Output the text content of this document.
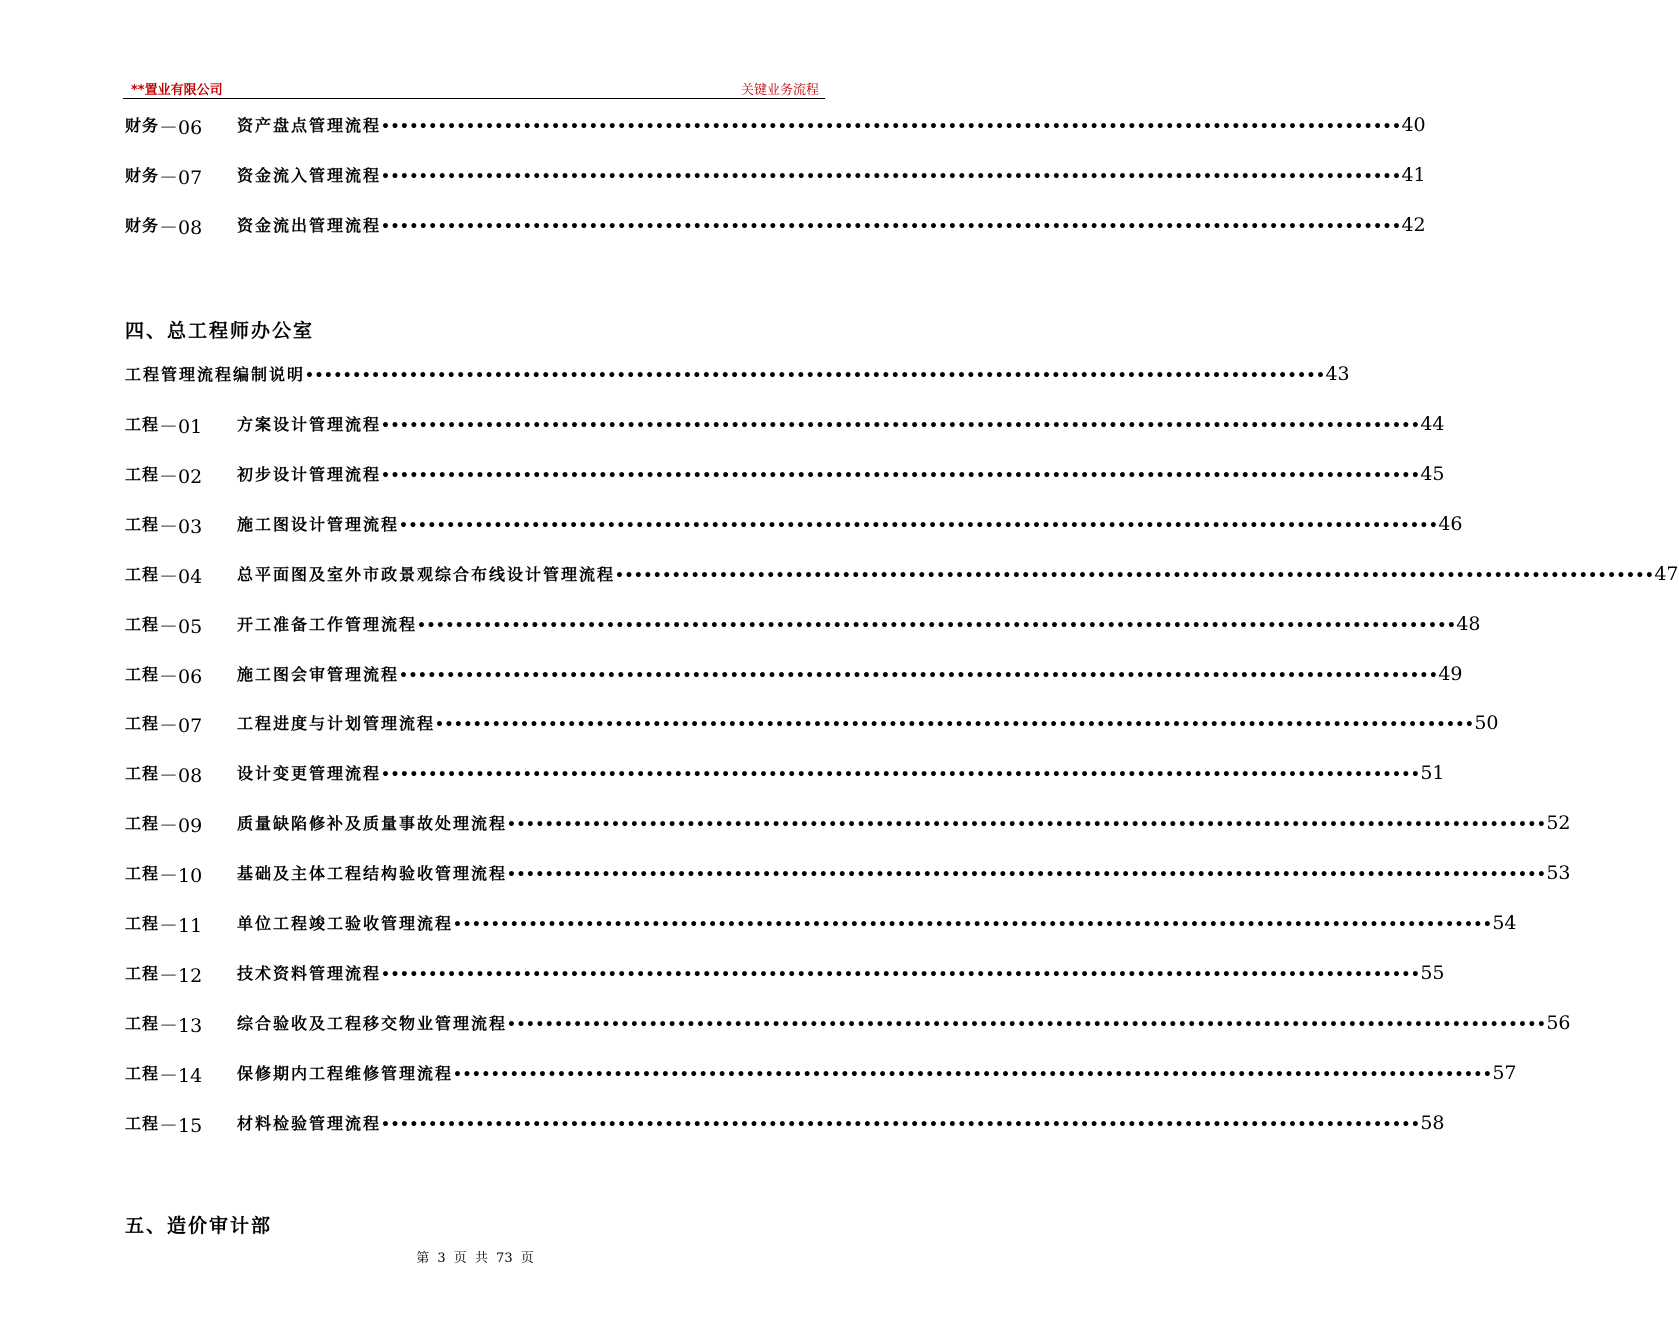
**置业有限公司	关键业务流程
财务 －06 资产盘点管理流程 •••••••••••••••••••••••••••••••••••••••••••••••••••••••••••••••••••••••••••••••••••••••••••••••••••••••••••• 40
财务 －07 资金流入管理流程 •••••••••••••••••••••••••••••••••••••••••••••••••••••••••••••••••••••••••••••••••••••••••••••••••••••••••••• 41
财务 －08 资金流出管理流程 •••••••••••••••••••••••••••••••••••••••••••••••••••••••••••••••••••••••••••••••••••••••••••••••••••••••••••• 42
四、总工程师办公室
工程管理流程编制说明 •••••••••••••••••••••••••••••••••••••••••••••••••••••••••••••••••••••••••••••••••••••••••••••••••••••••••••• 43
工程 －01 方案设计管理流程 •••••••••••••••••••••••••••••••••••••••••••••••••••••••••••••••••••••••••••••••••••••••••••••••••••••••••••••• 44
工程 －02 初步设计管理流程 •••••••••••••••••••••••••••••••••••••••••••••••••••••••••••••••••••••••••••••••••••••••••••••••••••••••••••••• 45
工程 －03 施工图设计管理流程 •••••••••••••••••••••••••••••••••••••••••••••••••••••••••••••••••••••••••••••••••••••••••••••••••••••••••••••• 46
工程 －04 总平面图及室外市政景观综合布线设计管理流程 •••••••••••••••••••••••••••••••••••••••••••••••••••••••••••••••••••••••••••••••••••••••••••••••••••••••••••••• 47
工程 －05 开工准备工作管理流程 •••••••••••••••••••••••••••••••••••••••••••••••••••••••••••••••••••••••••••••••••••••••••••••••••••••••••••••• 48
工程 －06 施工图会审管理流程 •••••••••••••••••••••••••••••••••••••••••••••••••••••••••••••••••••••••••••••••••••••••••••••••••••••••••••••• 49
工程 －07 工程进度与计划管理流程 •••••••••••••••••••••••••••••••••••••••••••••••••••••••••••••••••••••••••••••••••••••••••••••••••••••••••••••• 50
工程 －08 设计变更管理流程 •••••••••••••••••••••••••••••••••••••••••••••••••••••••••••••••••••••••••••••••••••••••••••••••••••••••••••••• 51
工程 －09 质量缺陷修补及质量事故处理流程 •••••••••••••••••••••••••••••••••••••••••••••••••••••••••••••••••••••••••••••••••••••••••••••••••••••••••••••• 52
工程 －10 基础及主体工程结构验收管理流程 •••••••••••••••••••••••••••••••••••••••••••••••••••••••••••••••••••••••••••••••••••••••••••••••••••••••••••••• 53
工程 －11 单位工程竣工验收管理流程 •••••••••••••••••••••••••••••••••••••••••••••••••••••••••••••••••••••••••••••••••••••••••••••••••••••••••••••• 54
工程 －12 技术资料管理流程 •••••••••••••••••••••••••••••••••••••••••••••••••••••••••••••••••••••••••••••••••••••••••••••••••••••••••••••• 55
工程 －13 综合验收及工程移交物业管理流程 •••••••••••••••••••••••••••••••••••••••••••••••••••••••••••••••••••••••••••••••••••••••••••••••••••••••••••••• 56
工程 －14 保修期内工程维修管理流程 •••••••••••••••••••••••••••••••••••••••••••••••••••••••••••••••••••••••••••••••••••••••••••••••••••••••••••••• 57
工程 －15 材料检验管理流程 •••••••••••••••••••••••••••••••••••••••••••••••••••••••••••••••••••••••••••••••••••••••••••••••••••••••••••••• 58
五、造价审计部
第 3 页 共 73 页
